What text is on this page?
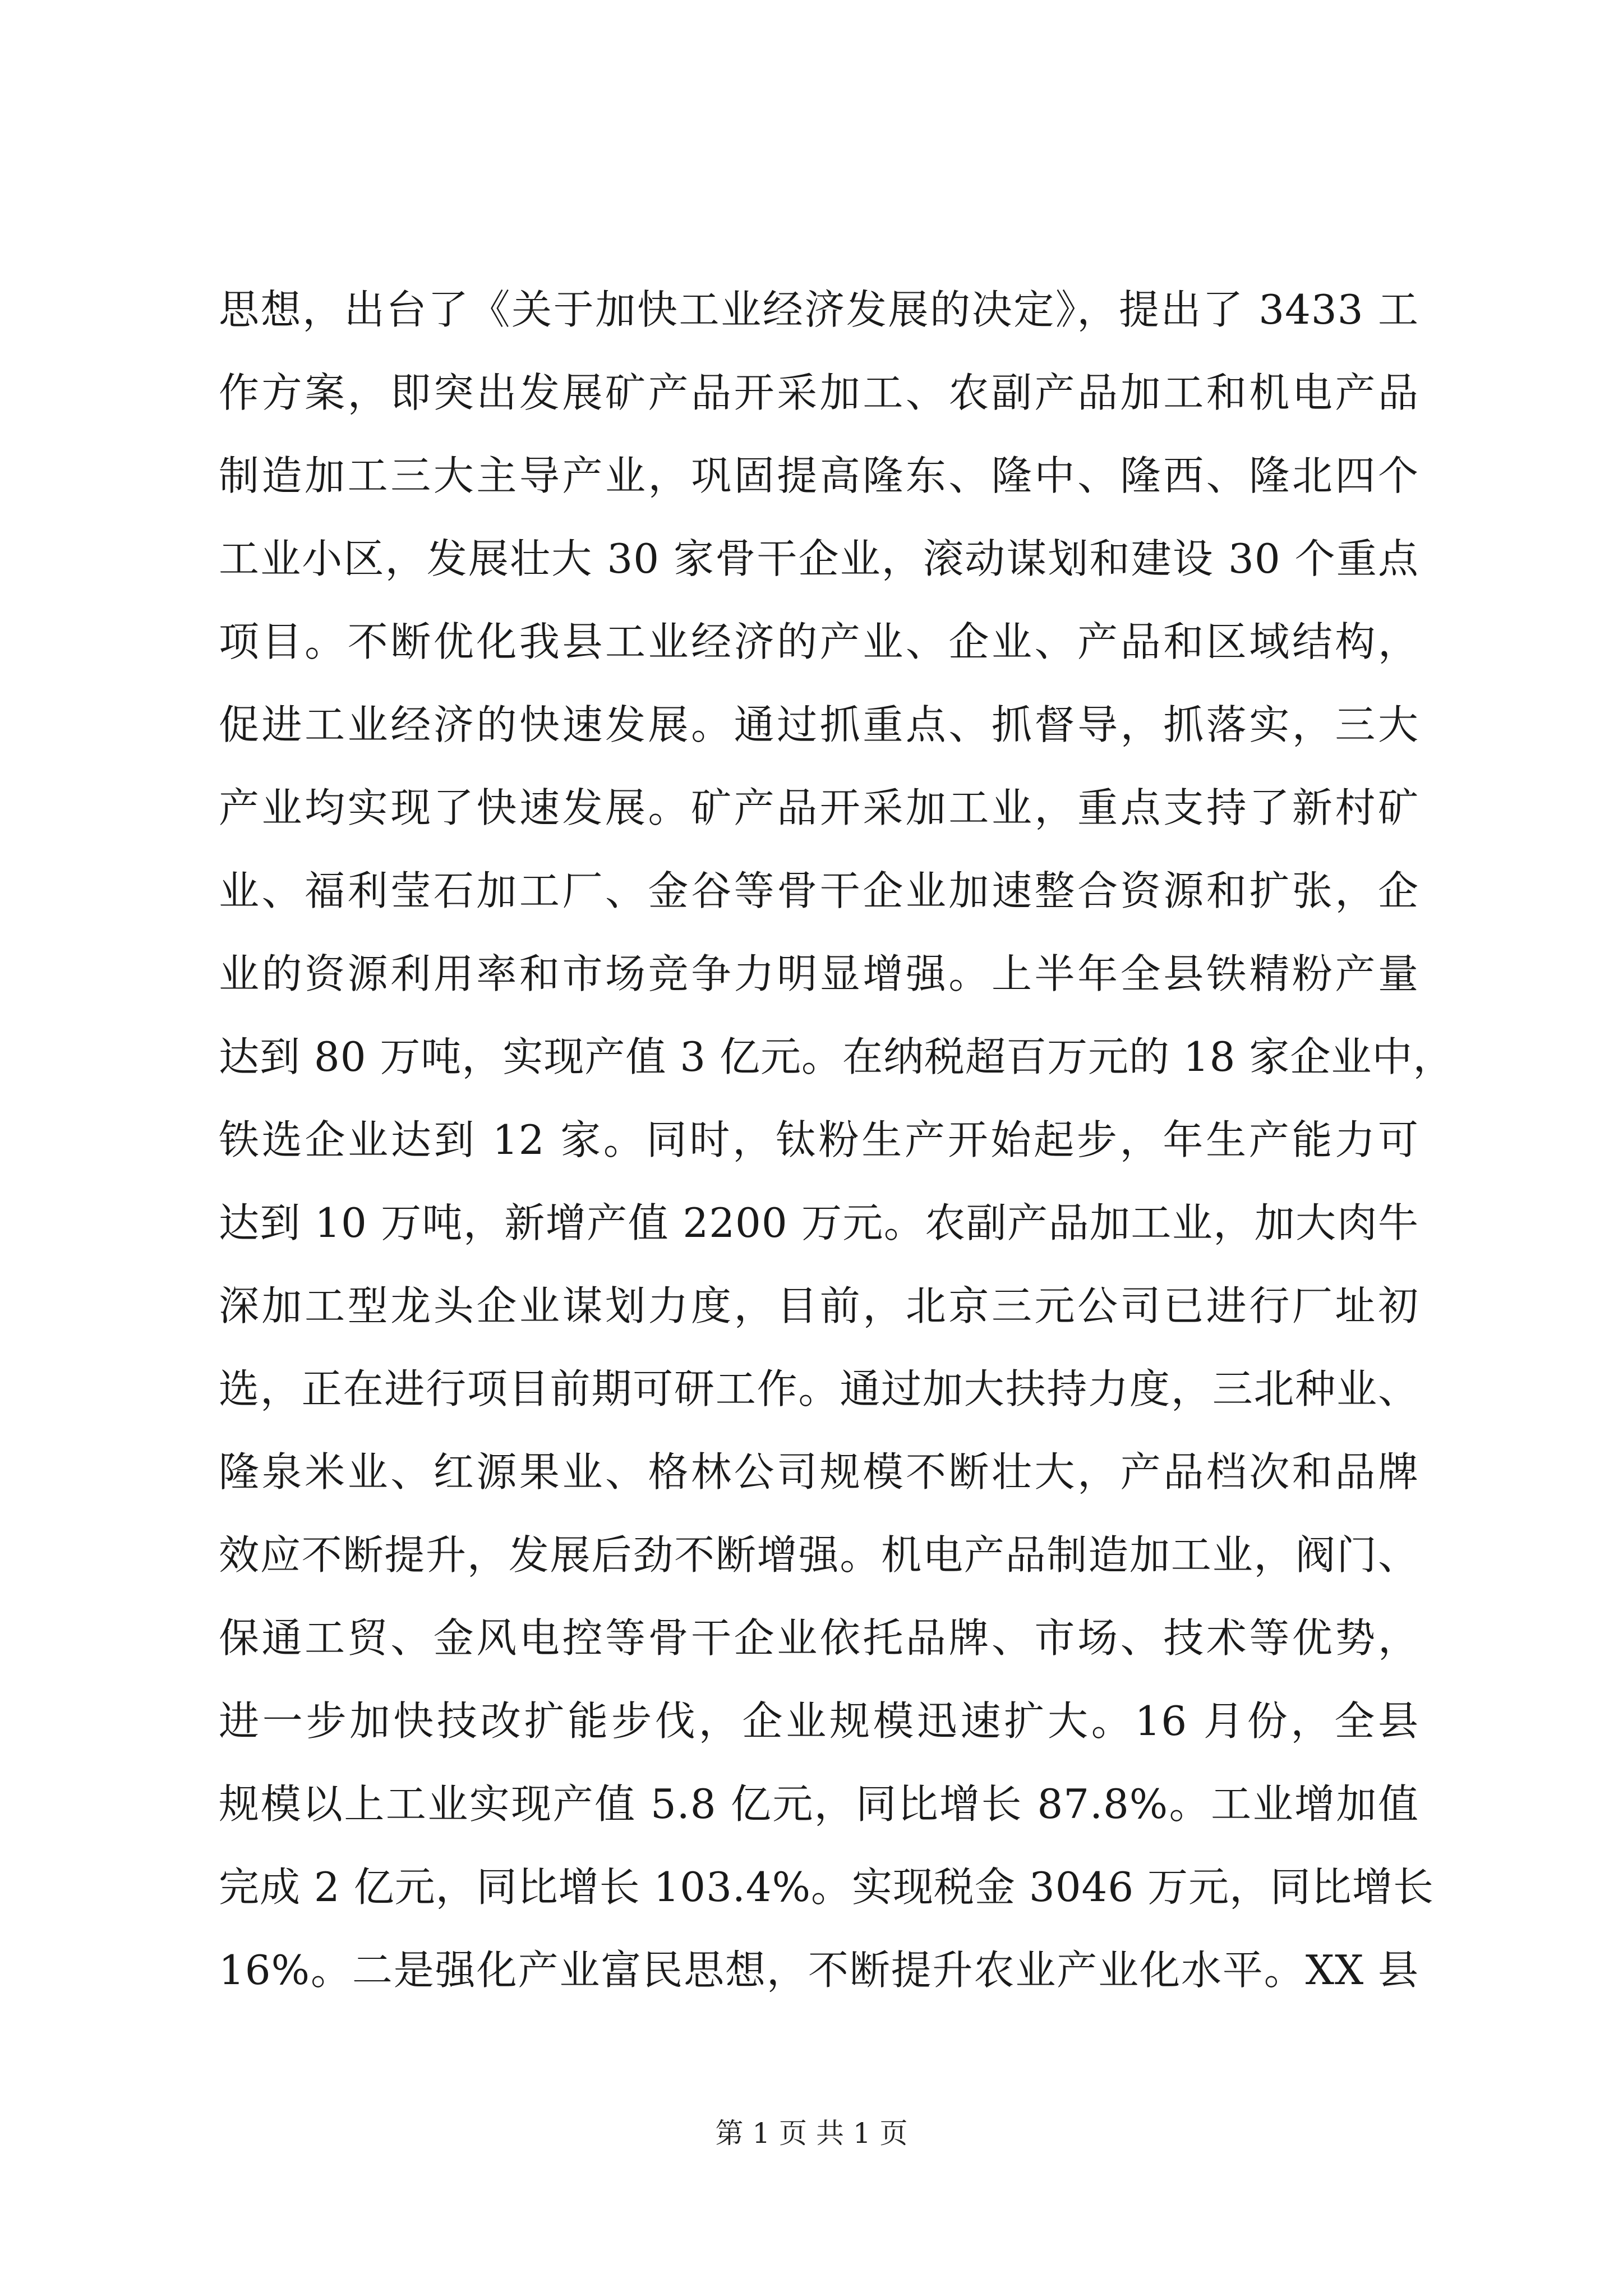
思想，出台了《关于加快工业经济发展的决定》，提出了 3433 工
作方案，即突出发展矿产品开采加工、农副产品加工和机电产品
制造加工三大主导产业，巩固提高隆东、隆中、隆西、隆北四个
工业小区，发展壮大 30 家骨干企业，滚动谋划和建设 30 个重点
项目。不断优化我县工业经济的产业、企业、产品和区域结构，
促进工业经济的快速发展。通过抓重点、抓督导，抓落实，三大
产业均实现了快速发展。矿产品开采加工业，重点支持了新村矿
业、福利莹石加工厂、金谷等骨干企业加速整合资源和扩张，企
业的资源利用率和市场竞争力明显增强。上半年全县铁精粉产量
达到 80 万吨，实现产值 3 亿元。在纳税超百万元的 18 家企业中，
铁选企业达到 12 家。同时，钛粉生产开始起步，年生产能力可
达到 10 万吨，新增产值 2200 万元。农副产品加工业，加大肉牛
深加工型龙头企业谋划力度，目前，北京三元公司已进行厂址初
选，正在进行项目前期可研工作。通过加大扶持力度，三北种业、
隆泉米业、红源果业、格林公司规模不断壮大，产品档次和品牌
效应不断提升，发展后劲不断增强。机电产品制造加工业，阀门、
保通工贸、金风电控等骨干企业依托品牌、市场、技术等优势，
进一步加快技改扩能步伐，企业规模迅速扩大。16 月份，全县
规模以上工业实现产值 5.8 亿元，同比增长 87.8%。工业增加值
完成 2 亿元，同比增长 103.4%。实现税金 3046 万元，同比增长
16%。二是强化产业富民思想，不断提升农业产业化水平。XX 县
第 1 页 共 1 页
